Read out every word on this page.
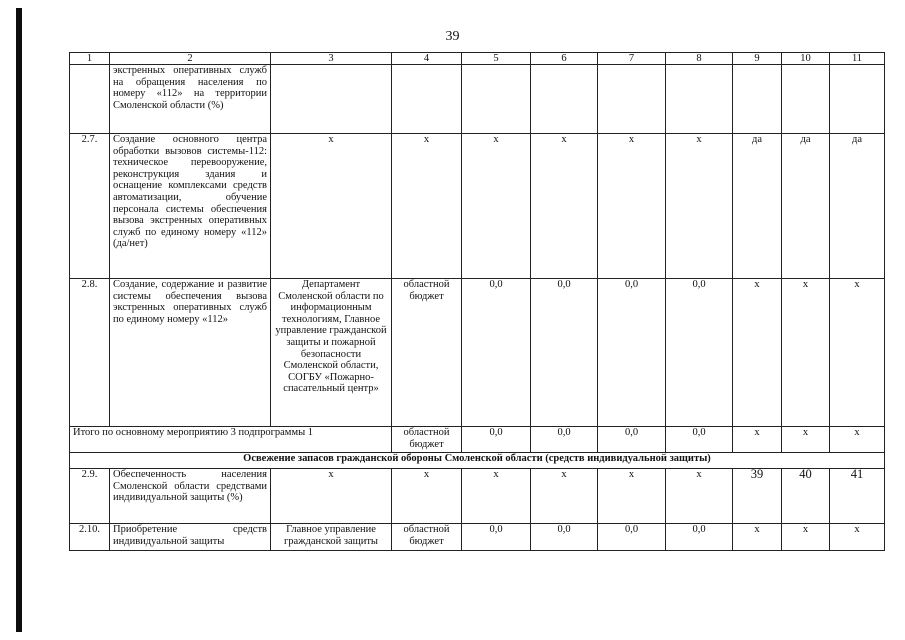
39
1	2	3	4	5	6	7	8	9	10	11
	экстренных оперативных служб на обращения населения по номеру «112» на территории Смоленской области (%)									
2.7.	Создание основного центра обработки вызовов системы-112: техническое перевооружение, реконструкция здания и оснащение комплексами средств автоматизации, обучение персонала системы обеспечения вызова экстренных оперативных служб по единому номеру «112» (да/нет)	х	х	х	х	х	х	да	да	да
2.8.	Создание, содержание и развитие системы обеспечения вызова экстренных оперативных служб по единому номеру «112»	Департамент Смоленской области по информационным технологиям, Главное управление гражданской защиты и пожарной безопасности Смоленской области, СОГБУ «Пожарно-спасательный центр»	областной бюджет	0,0	0,0	0,0	0,0	х	х	х
Итого по основному мероприятию 3 подпрограммы 1			областной бюджет	0,0	0,0	0,0	0,0	х	х	х
Освежение запасов гражданской обороны Смоленской области (средств индивидуальной защиты)										
2.9.	Обеспеченность населения Смоленской области средствами индивидуальной защиты (%)	х	х	х	х	х	х	39	40	41
2.10.	Приобретение средств индивидуальной защиты	Главное управление гражданской защиты	областной бюджет	0,0	0,0	0,0	0,0	х	х	х
